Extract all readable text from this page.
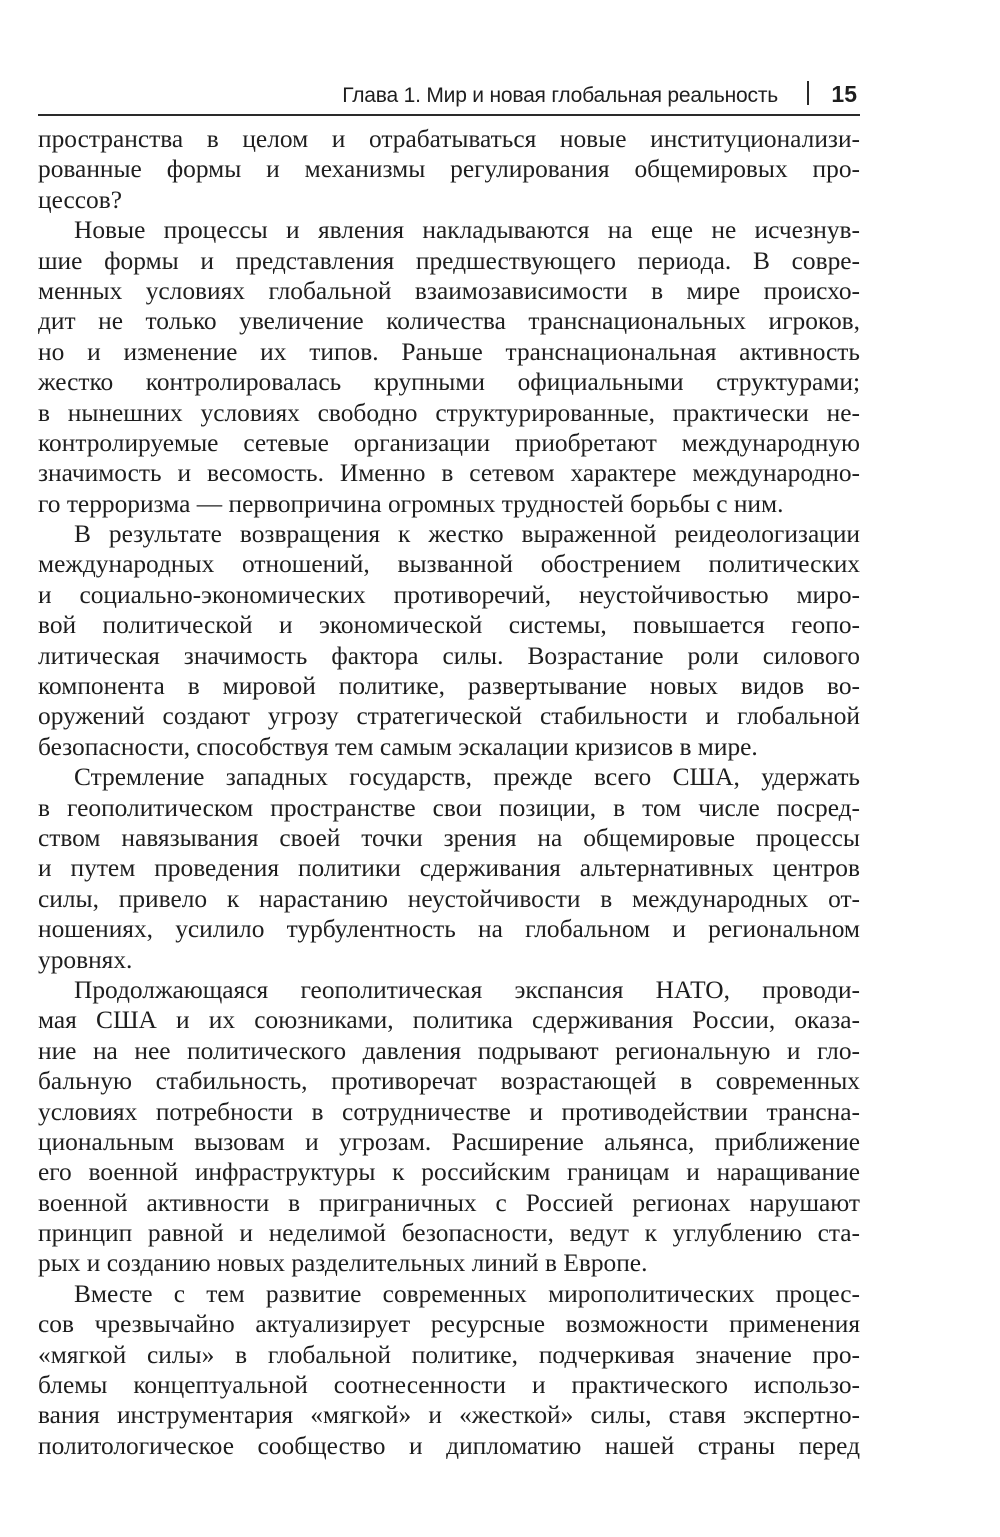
Глава 1. Мир и новая глобальная реальность 15
пространства в целом и отрабатываться новые институционализи-
рованные формы и механизмы регулирования общемировых про-
цессов?
Новые процессы и явления накладываются на еще не исчезнув-
шие формы и представления предшествующего периода. В совре-
менных условиях глобальной взаимозависимости в мире происхо-
дит не только увеличение количества транснациональных игроков,
но и изменение их типов. Раньше транснациональная активность
жестко контролировалась крупными официальными структурами;
в нынешних условиях свободно структурированные, практически не-
контролируемые сетевые организации приобретают международную
значимость и весомость. Именно в сетевом характере международно-
го терроризма — первопричина огромных трудностей борьбы с ним.
В результате возвращения к жестко выраженной реидеологизации
международных отношений, вызванной обострением политических
и социально-экономических противоречий, неустойчивостью миро-
вой политической и экономической системы, повышается геопо-
литическая значимость фактора силы. Возрастание роли силового
компонента в мировой политике, развертывание новых видов во-
оружений создают угрозу стратегической стабильности и глобальной
безопасности, способствуя тем самым эскалации кризисов в мире.
Стремление западных государств, прежде всего США, удержать
в геополитическом пространстве свои позиции, в том числе посред-
ством навязывания своей точки зрения на общемировые процессы
и путем проведения политики сдерживания альтернативных центров
силы, привело к нарастанию неустойчивости в международных от-
ношениях, усилило турбулентность на глобальном и региональном
уровнях.
Продолжающаяся геополитическая экспансия НАТО, проводи-
мая США и их союзниками, политика сдерживания России, оказа-
ние на нее политического давления подрывают региональную и гло-
бальную стабильность, противоречат возрастающей в современных
условиях потребности в сотрудничестве и противодействии трансна-
циональным вызовам и угрозам. Расширение альянса, приближение
его военной инфраструктуры к российским границам и наращивание
военной активности в приграничных с Россией регионах нарушают
принцип равной и неделимой безопасности, ведут к углублению ста-
рых и созданию новых разделительных линий в Европе.
Вместе с тем развитие современных мирополитических процес-
сов чрезвычайно актуализирует ресурсные возможности применения
«мягкой силы» в глобальной политике, подчеркивая значение про-
блемы концептуальной соотнесенности и практического использо-
вания инструментария «мягкой» и «жесткой» силы, ставя экспертно-
политологическое сообщество и дипломатию нашей страны перед
